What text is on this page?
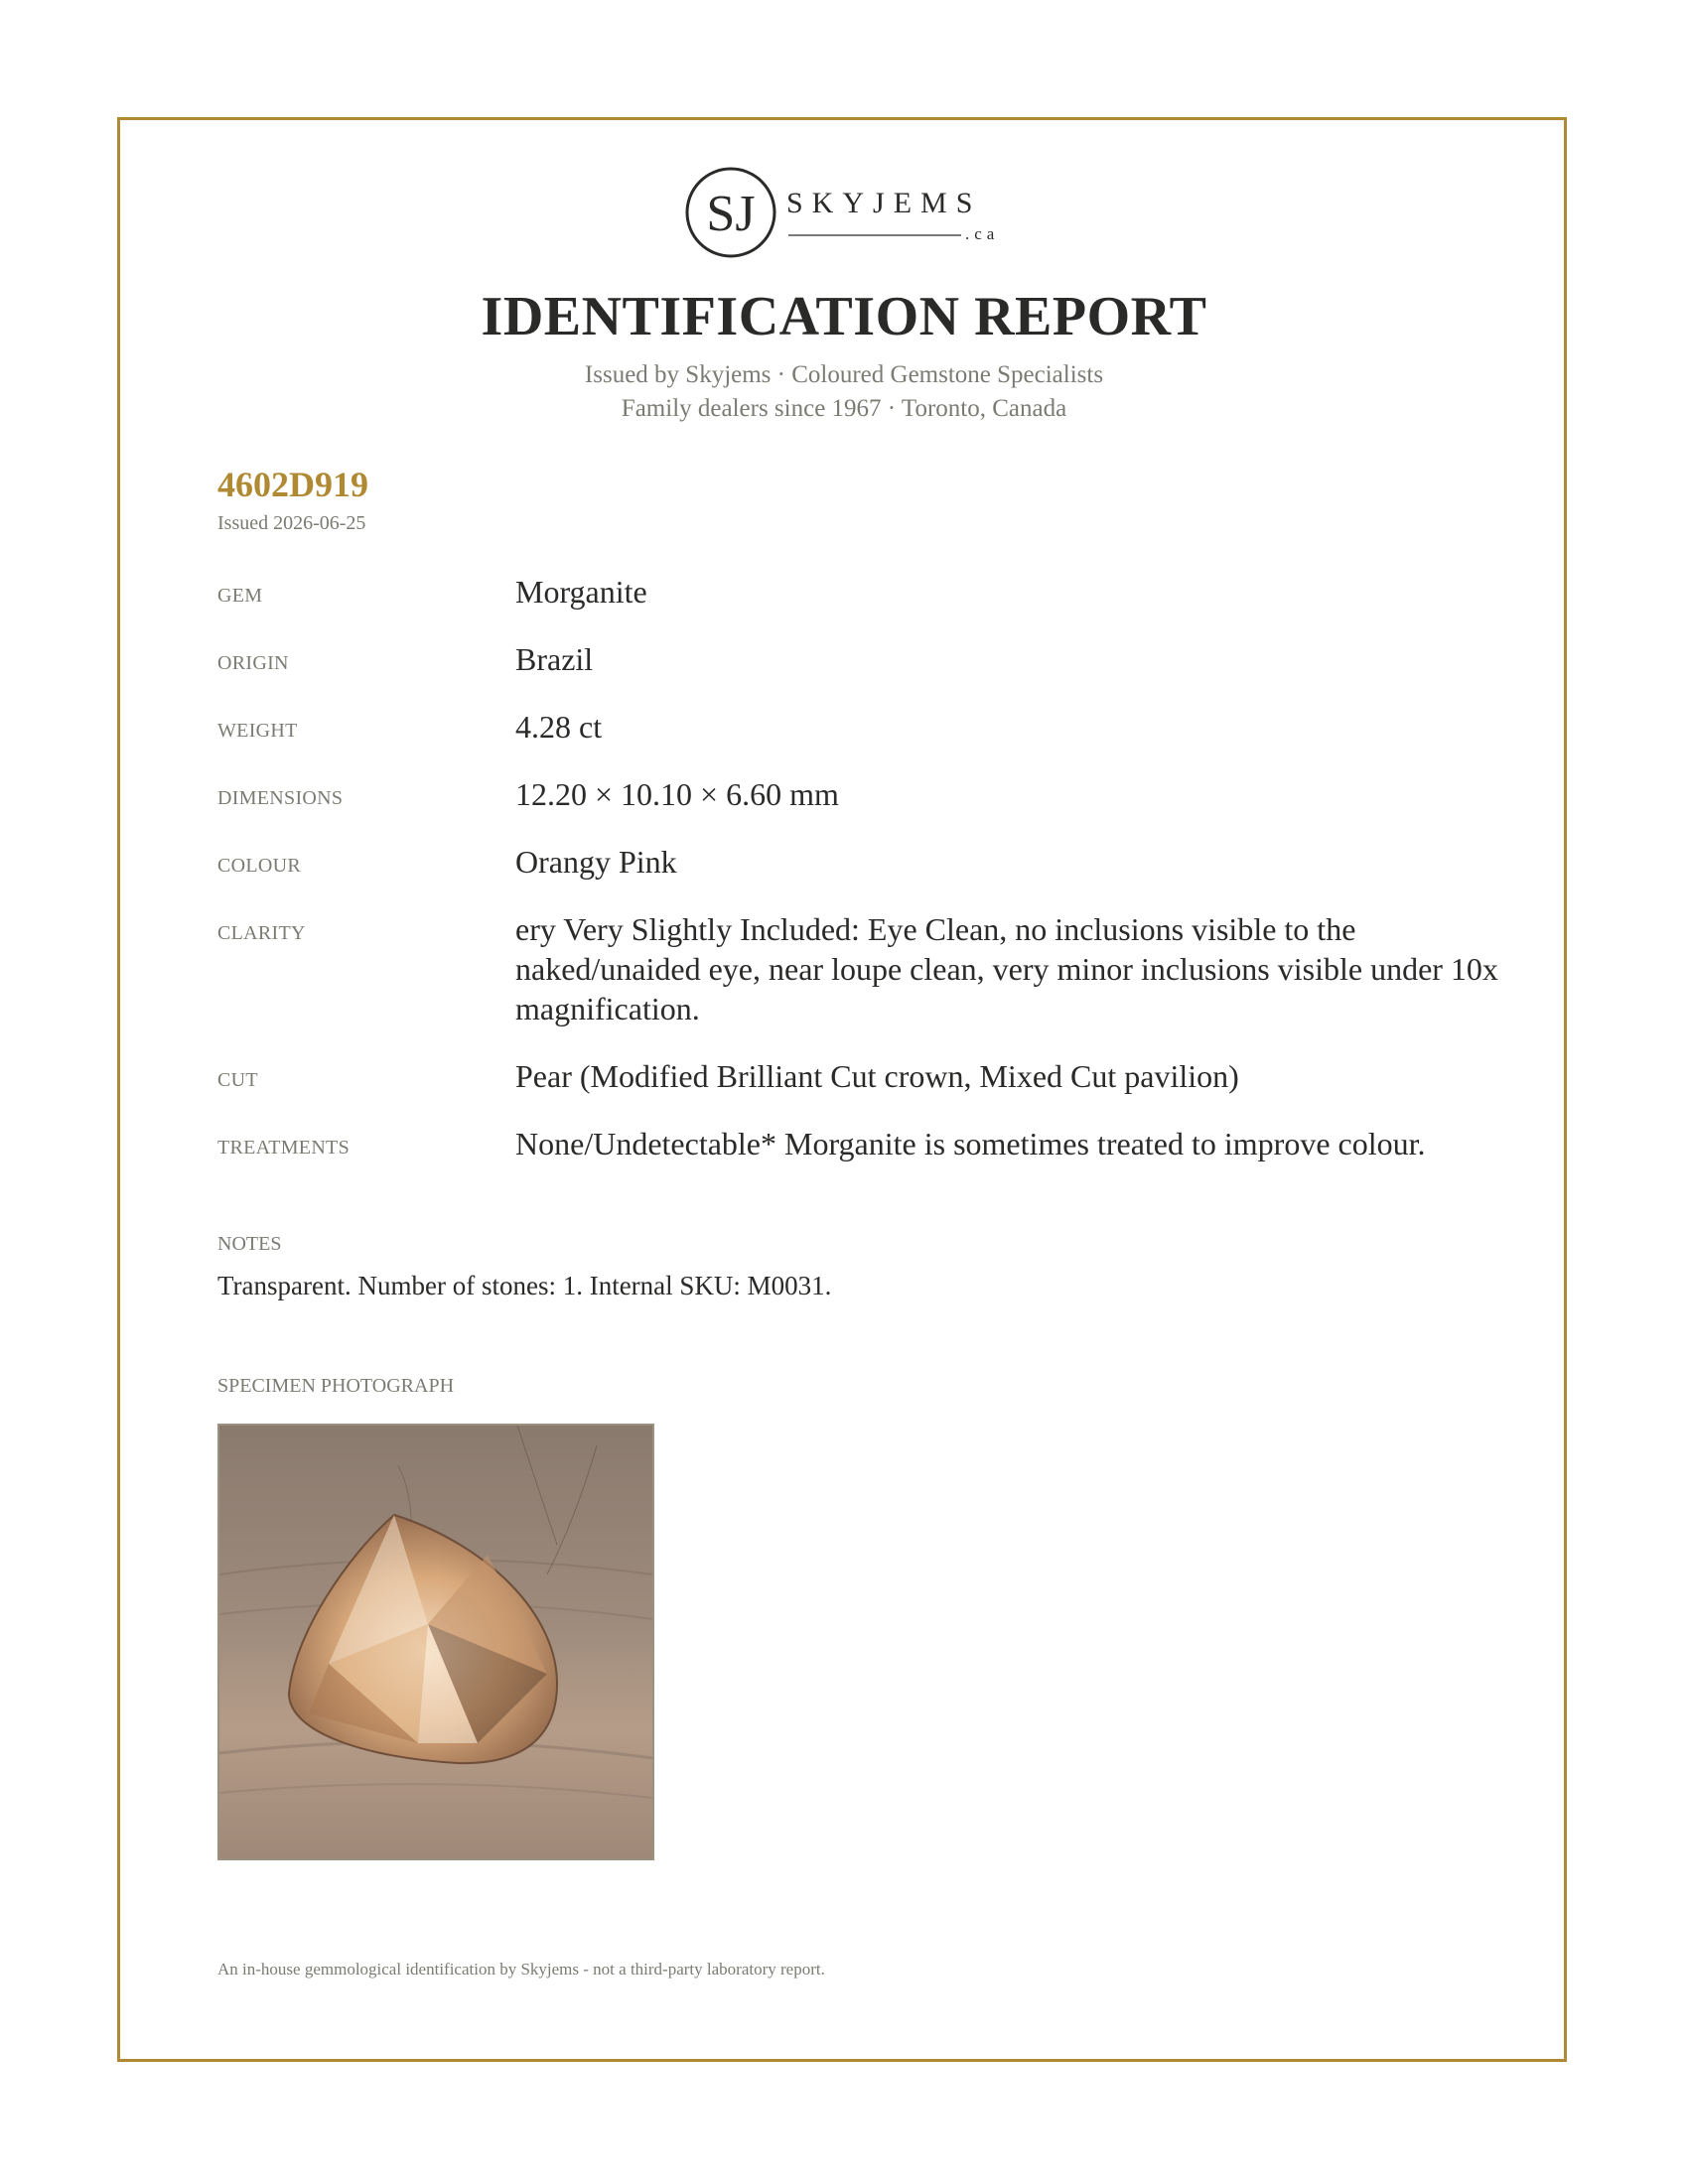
SJ SKYJEMS
.ca
IDENTIFICATION REPORT
Issued by Skyjems · Coloured Gemstone Specialists
Family dealers since 1967 · Toronto, Canada
4602D919
Issued 2026-06-25
GEM	Morganite
ORIGIN	Brazil
WEIGHT	4.28 ct
DIMENSIONS	12.20 × 10.10 × 6.60 mm
COLOUR	Orangy Pink
CLARITY	ery Very Slightly Included: Eye Clean, no inclusions visible to the naked/unaided eye, near loupe clean, very minor inclusions visible under 10x magnification.
CUT	Pear (Modified Brilliant Cut crown, Mixed Cut pavilion)
TREATMENTS	None/Undetectable* Morganite is sometimes treated to improve colour.
NOTES
Transparent. Number of stones: 1. Internal SKU: M0031.
SPECIMEN PHOTOGRAPH
An in-house gemmological identification by Skyjems - not a third-party laboratory report.
